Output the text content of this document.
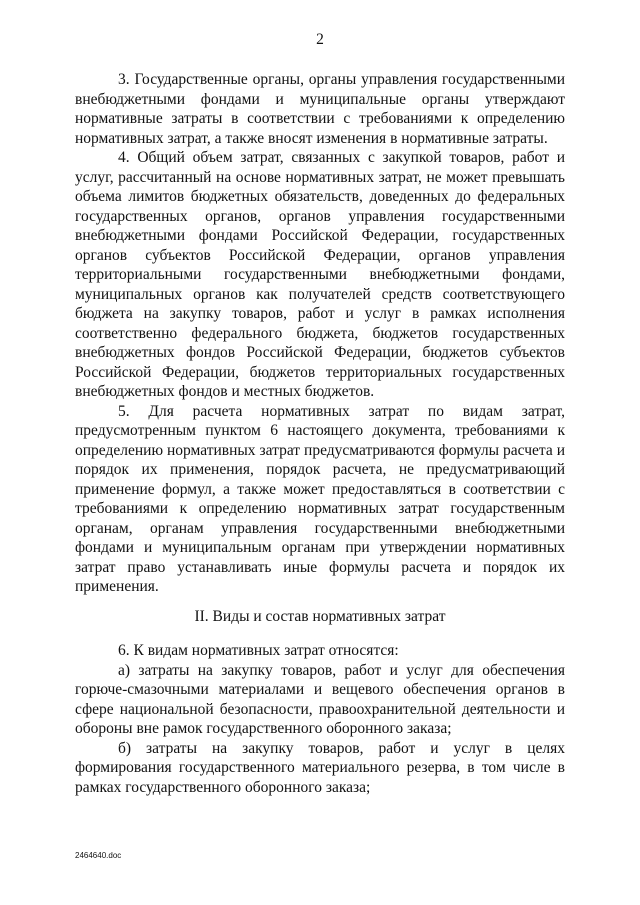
2

3. Государственные органы, органы управления государственными внебюджетными фондами и муниципальные органы утверждают нормативные затраты в соответствии с требованиями к определению нормативных затрат, а также вносят изменения в нормативные затраты.

4. Общий объем затрат, связанных с закупкой товаров, работ и услуг, рассчитанный на основе нормативных затрат, не может превышать объема лимитов бюджетных обязательств, доведенных до федеральных государственных органов, органов управления государственными внебюджетными фондами Российской Федерации, государственных органов субъектов Российской Федерации, органов управления территориальными государственными внебюджетными фондами, муниципальных органов как получателей средств соответствующего бюджета на закупку товаров, работ и услуг в рамках исполнения соответственно федерального бюджета, бюджетов государственных внебюджетных фондов Российской Федерации, бюджетов субъектов Российской Федерации, бюджетов территориальных государственных внебюджетных фондов и местных бюджетов.

5. Для расчета нормативных затрат по видам затрат, предусмотренным пунктом 6 настоящего документа, требованиями к определению нормативных затрат предусматриваются формулы расчета и порядок их применения, порядок расчета, не предусматривающий применение формул, а также может предоставляться в соответствии с требованиями к определению нормативных затрат государственным органам, органам управления государственными внебюджетными фондами и муниципальным органам при утверждении нормативных затрат право устанавливать иные формулы расчета и порядок их применения.

II. Виды и состав нормативных затрат

6. К видам нормативных затрат относятся:

а) затраты на закупку товаров, работ и услуг для обеспечения горюче-смазочными материалами и вещевого обеспечения органов в сфере национальной безопасности, правоохранительной деятельности и обороны вне рамок государственного оборонного заказа;

б) затраты на закупку товаров, работ и услуг в целях формирования государственного материального резерва, в том числе в рамках государственного оборонного заказа;

2464640.doc
